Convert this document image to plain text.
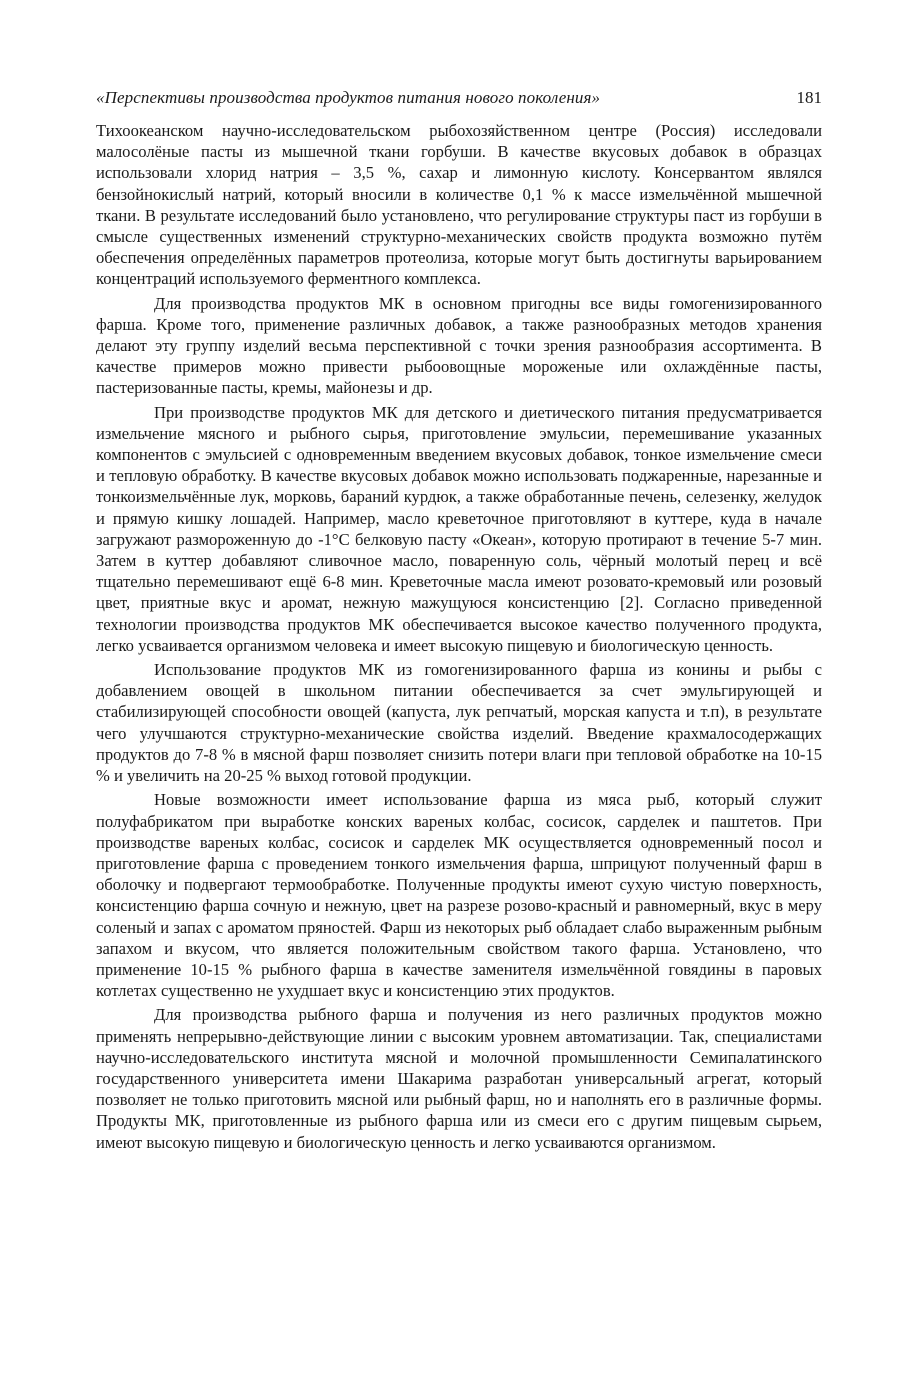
«Перспективы производства продуктов питания нового поколения»	181

Тихоокеанском научно-исследовательском рыбохозяйственном центре (Россия) исследовали малосолёные пасты из мышечной ткани горбуши. В качестве вкусовых добавок в образцах использовали хлорид натрия – 3,5 %, сахар и лимонную кислоту. Консервантом являлся бензойнокислый натрий, который вносили в количестве 0,1 % к массе измельчённой мышечной ткани. В результате исследований было установлено, что регулирование структуры паст из горбуши в смысле существенных изменений структурно-механических свойств продукта возможно путём обеспечения определённых параметров протеолиза, которые могут быть достигнуты варьированием концентраций используемого ферментного комплекса.

Для производства продуктов МК в основном пригодны все виды гомогенизированного фарша. Кроме того, применение различных добавок, а также разнообразных методов хранения делают эту группу изделий весьма перспективной с точки зрения разнообразия ассортимента. В качестве примеров можно привести рыбоовощные мороженые или охлаждённые пасты, пастеризованные пасты, кремы, майонезы и др.

При производстве продуктов МК для детского и диетического питания предусматривается измельчение мясного и рыбного сырья, приготовление эмульсии, перемешивание указанных компонентов с эмульсией с одновременным введением вкусовых добавок, тонкое измельчение смеси и тепловую обработку. В качестве вкусовых добавок можно использовать поджаренные, нарезанные и тонкоизмельчённые лук, морковь, бараний курдюк, а также обработанные печень, селезенку, желудок и прямую кишку лошадей. Например, масло креветочное приготовляют в куттере, куда в начале загружают размороженную до -1°С белковую пасту «Океан», которую протирают в течение 5-7 мин. Затем в куттер добавляют сливочное масло, поваренную соль, чёрный молотый перец и всё тщательно перемешивают ещё 6-8 мин. Креветочные масла имеют розовато-кремовый или розовый цвет, приятные вкус и аромат, нежную мажущуюся консистенцию [2]. Согласно приведенной технологии производства продуктов МК обеспечивается высокое качество полученного продукта, легко усваивается организмом человека и имеет высокую пищевую и биологическую ценность.

Использование продуктов МК из гомогенизированного фарша из конины и рыбы с добавлением овощей в школьном питании обеспечивается за счет эмульгирующей и стабилизирующей способности овощей (капуста, лук репчатый, морская капуста и т.п), в результате чего улучшаются структурно-механические свойства изделий. Введение крахмалосодержащих продуктов до 7-8 % в мясной фарш позволяет снизить потери влаги при тепловой обработке на 10-15 % и увеличить на 20-25 % выход готовой продукции.

Новые возможности имеет использование фарша из мяса рыб, который служит полуфабрикатом при выработке конских вареных колбас, сосисок, сарделек и паштетов. При производстве вареных колбас, сосисок и сарделек МК осуществляется одновременный посол и приготовление фарша с проведением тонкого измельчения фарша, шприцуют полученный фарш в оболочку и подвергают термообработке. Полученные продукты имеют сухую чистую поверхность, консистенцию фарша сочную и нежную, цвет на разрезе розово-красный и равномерный, вкус в меру соленый и запах с ароматом пряностей. Фарш из некоторых рыб обладает слабо выраженным рыбным запахом и вкусом, что является положительным свойством такого фарша. Установлено, что применение 10-15 % рыбного фарша в качестве заменителя измельчённой говядины в паровых котлетах существенно не ухудшает вкус и консистенцию этих продуктов.

Для производства рыбного фарша и получения из него различных продуктов можно применять непрерывно-действующие линии с высоким уровнем автоматизации. Так, специалистами научно-исследовательского института мясной и молочной промышленности Семипалатинского государственного университета имени Шакарима разработан универсальный агрегат, который позволяет не только приготовить мясной или рыбный фарш, но и наполнять его в различные формы. Продукты МК, приготовленные из рыбного фарша или из смеси его с другим пищевым сырьем, имеют высокую пищевую и биологическую ценность и легко усваиваются организмом.
